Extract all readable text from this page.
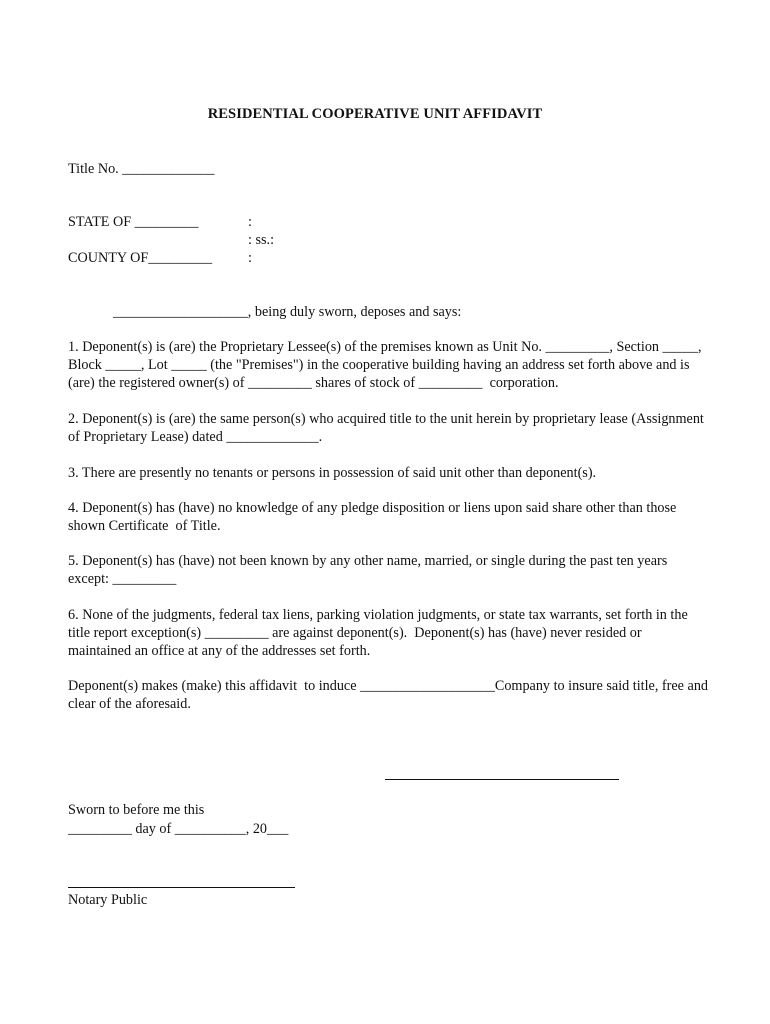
RESIDENTIAL COOPERATIVE UNIT AFFIDAVIT
Title No. _____________
STATE OF _________	:
: ss.:
COUNTY OF_________	:
___________________, being duly sworn, deposes and says:
1. Deponent(s) is (are) the Proprietary Lessee(s) of the premises known as Unit No. _________, Section _____, Block _____, Lot _____ (the "Premises") in the cooperative building having an address set forth above and is (are) the registered owner(s) of _________ shares of stock of _________  corporation.
2. Deponent(s) is (are) the same person(s) who acquired title to the unit herein by proprietary lease (Assignment of Proprietary Lease) dated _____________.
3. There are presently no tenants or persons in possession of said unit other than deponent(s).
4. Deponent(s) has (have) no knowledge of any pledge disposition or liens upon said share other than those shown Certificate  of Title.
5. Deponent(s) has (have) not been known by any other name, married, or single during the past ten years except: _________
6. None of the judgments, federal tax liens, parking violation judgments, or state tax warrants, set forth in the title report exception(s) _________ are against deponent(s).  Deponent(s) has (have) never resided or maintained an office at any of the addresses set forth.
Deponent(s) makes (make) this affidavit  to induce ___________________Company to insure said title, free and clear of the aforesaid.
Sworn to before me this
_________ day of __________, 20___
Notary Public
